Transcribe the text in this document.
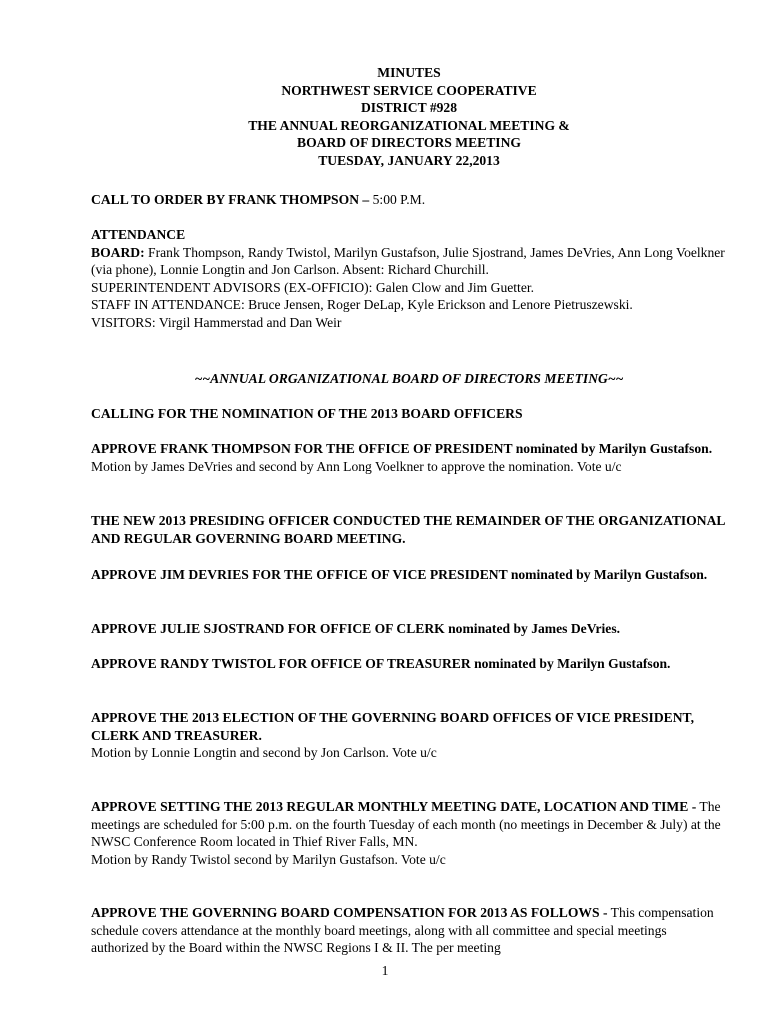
MINUTES
NORTHWEST SERVICE COOPERATIVE
DISTRICT #928
THE ANNUAL REORGANIZATIONAL MEETING &
BOARD OF DIRECTORS MEETING
TUESDAY, JANUARY 22,2013

CALL TO ORDER BY FRANK THOMPSON – 5:00 P.M.

ATTENDANCE

BOARD: Frank Thompson, Randy Twistol, Marilyn Gustafson, Julie Sjostrand, James DeVries, Ann Long Voelkner (via phone), Lonnie Longtin and Jon Carlson. Absent: Richard Churchill.

SUPERINTENDENT ADVISORS (EX-OFFICIO): Galen Clow and Jim Guetter.

STAFF IN ATTENDANCE: Bruce Jensen, Roger DeLap, Kyle Erickson and Lenore Pietruszewski.

VISITORS: Virgil Hammerstad and Dan Weir

~~ANNUAL ORGANIZATIONAL BOARD OF DIRECTORS MEETING~~

CALLING FOR THE NOMINATION OF THE 2013 BOARD OFFICERS

APPROVE FRANK THOMPSON FOR THE OFFICE OF PRESIDENT nominated by Marilyn Gustafson. Motion by James DeVries and second by Ann Long Voelkner to approve the nomination. Vote u/c

THE NEW 2013 PRESIDING OFFICER CONDUCTED THE REMAINDER OF THE ORGANIZATIONAL AND REGULAR GOVERNING BOARD MEETING.

APPROVE JIM DEVRIES FOR THE OFFICE OF VICE PRESIDENT nominated by Marilyn Gustafson.

APPROVE JULIE SJOSTRAND FOR OFFICE OF CLERK nominated by James DeVries.

APPROVE RANDY TWISTOL FOR OFFICE OF TREASURER nominated by Marilyn Gustafson.

APPROVE THE 2013 ELECTION OF THE GOVERNING BOARD OFFICES OF VICE PRESIDENT, CLERK AND TREASURER.

Motion by Lonnie Longtin and second by Jon Carlson. Vote u/c

APPROVE SETTING THE 2013 REGULAR MONTHLY MEETING DATE, LOCATION AND TIME - The meetings are scheduled for 5:00 p.m. on the fourth Tuesday of each month (no meetings in December & July) at the NWSC Conference Room located in Thief River Falls, MN.

Motion by Randy Twistol second by Marilyn Gustafson. Vote u/c

APPROVE THE GOVERNING BOARD COMPENSATION FOR 2013 AS FOLLOWS - This compensation schedule covers attendance at the monthly board meetings, along with all committee and special meetings authorized by the Board within the NWSC Regions I & II. The per meeting

1
